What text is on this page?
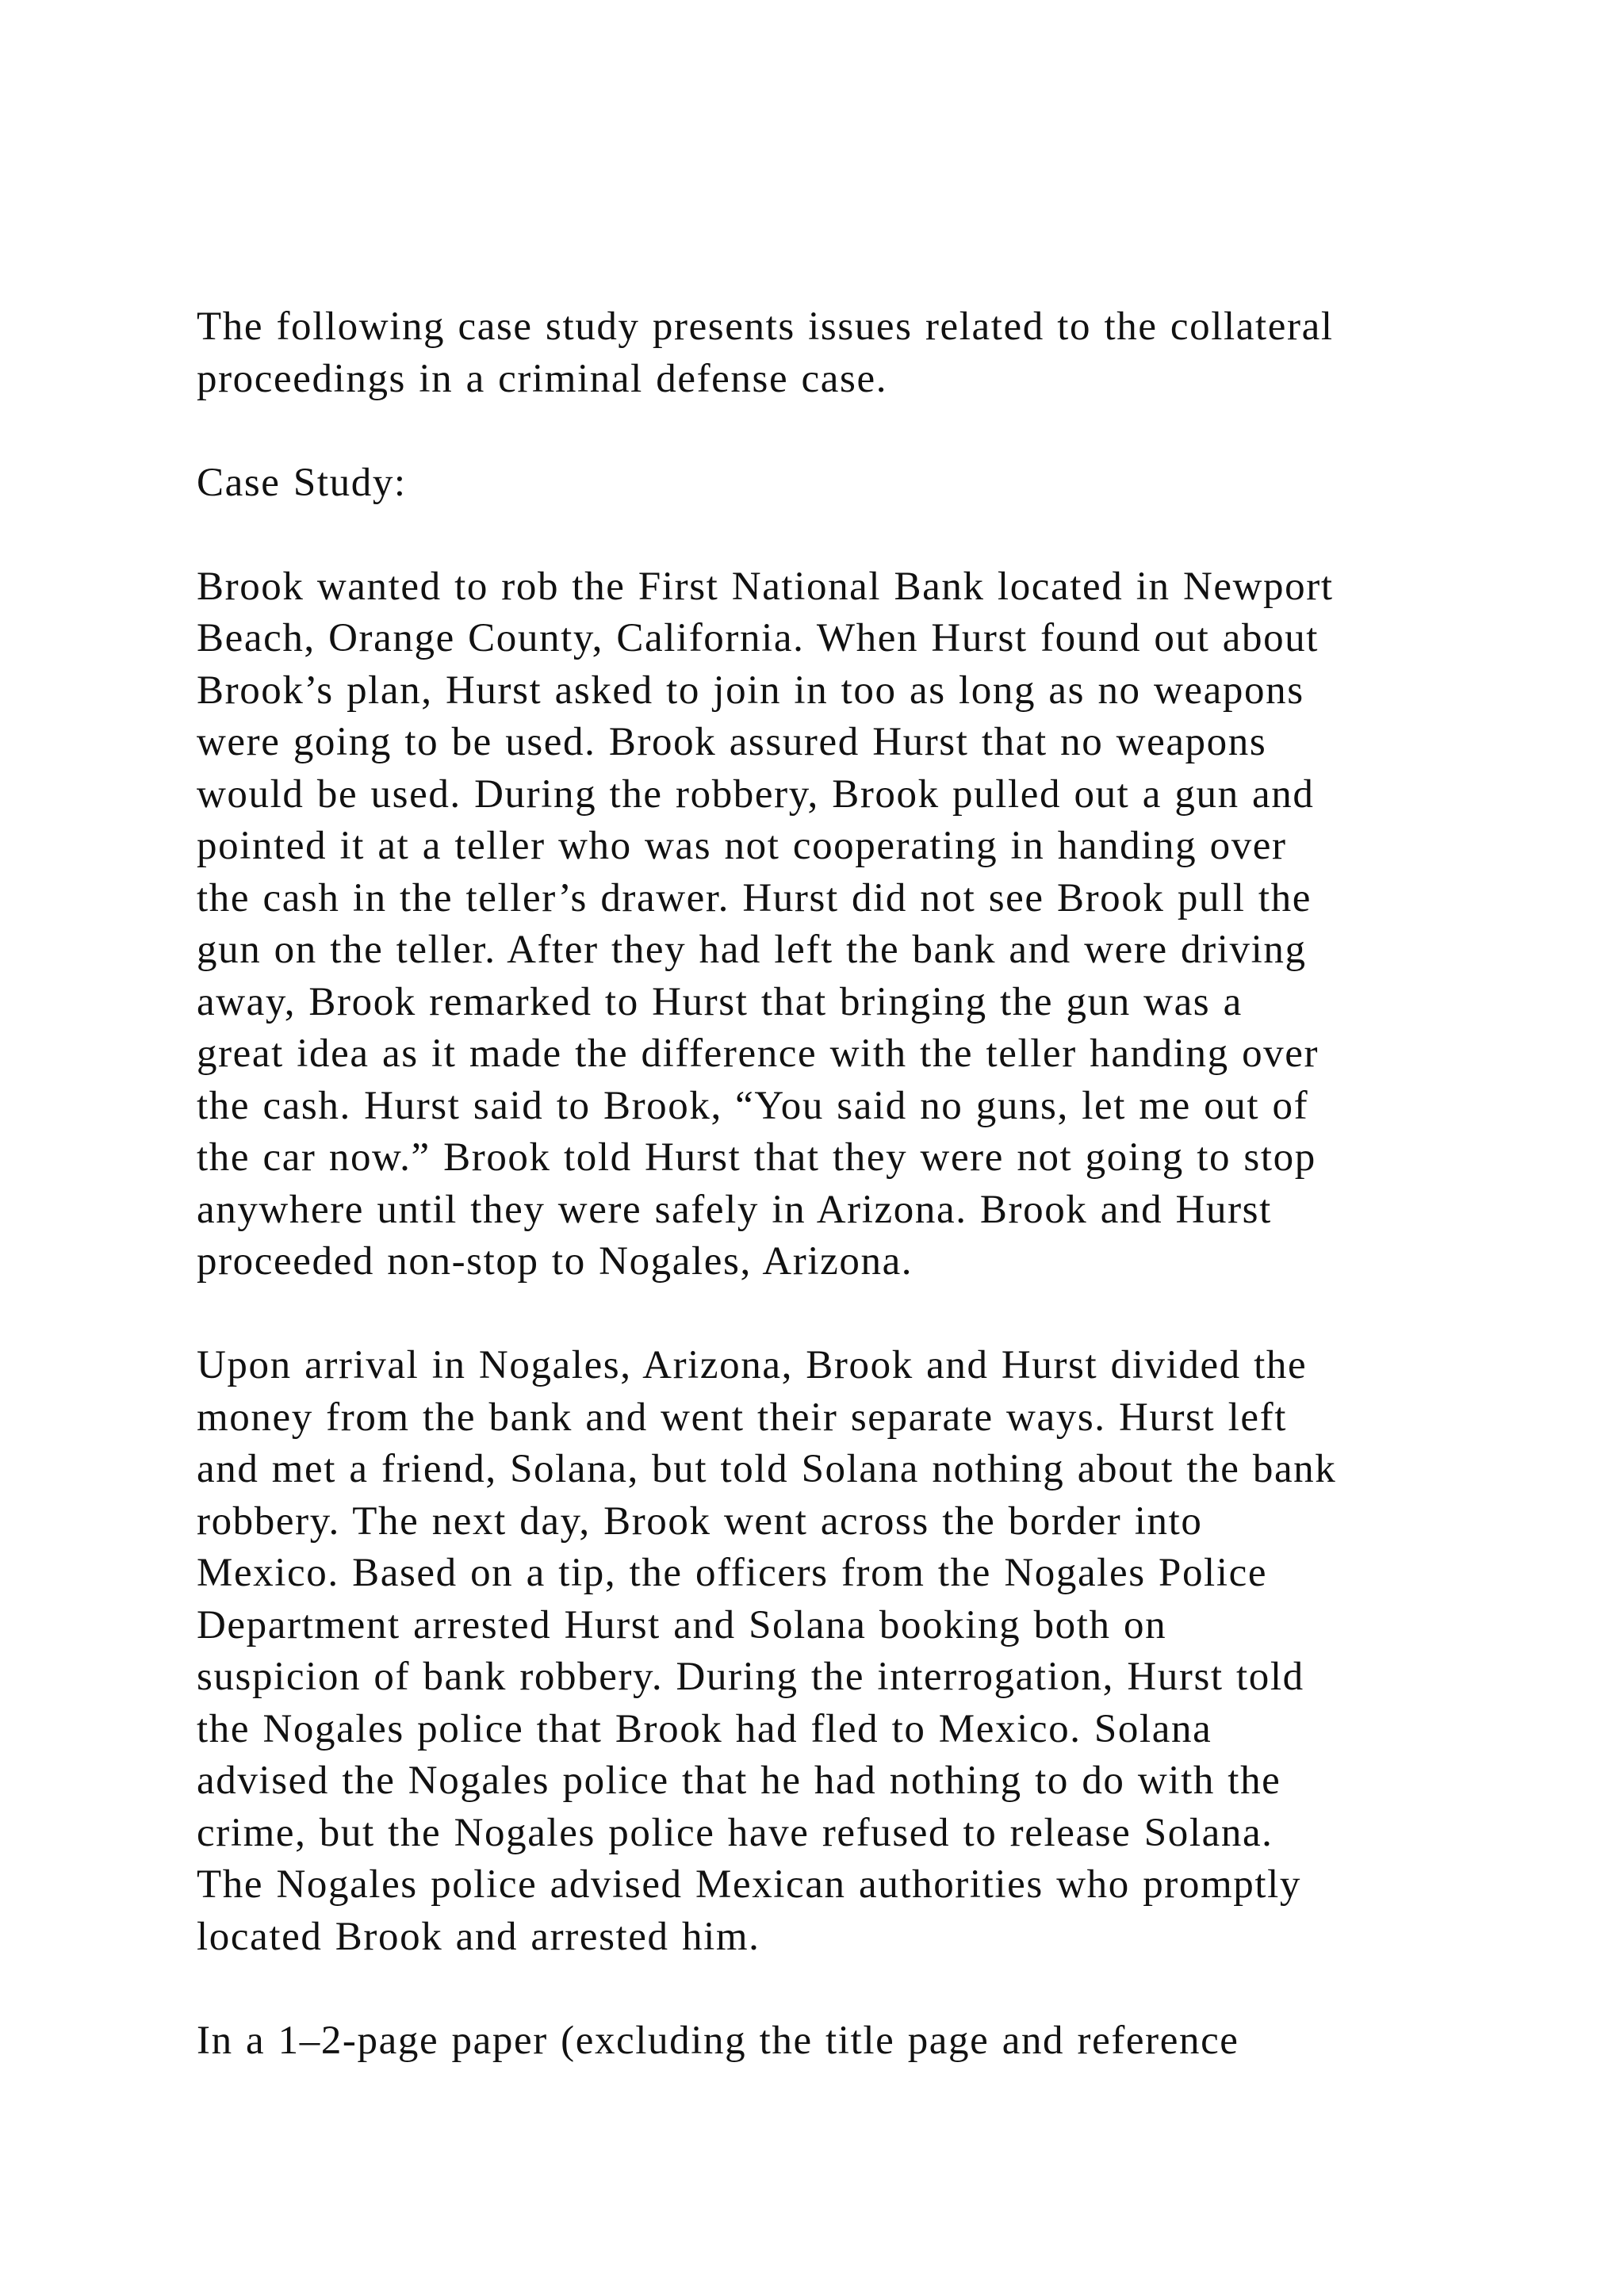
The following case study presents issues related to the collateral
proceedings in a criminal defense case.
Case Study:
Brook wanted to rob the First National Bank located in Newport
Beach, Orange County, California. When Hurst found out about
Brook’s plan, Hurst asked to join in too as long as no weapons
were going to be used. Brook assured Hurst that no weapons
would be used. During the robbery, Brook pulled out a gun and
pointed it at a teller who was not cooperating in handing over
the cash in the teller’s drawer. Hurst did not see Brook pull the
gun on the teller. After they had left the bank and were driving
away, Brook remarked to Hurst that bringing the gun was a
great idea as it made the difference with the teller handing over
the cash. Hurst said to Brook, “You said no guns, let me out of
the car now.” Brook told Hurst that they were not going to stop
anywhere until they were safely in Arizona. Brook and Hurst
proceeded non-stop to Nogales, Arizona.
Upon arrival in Nogales, Arizona, Brook and Hurst divided the
money from the bank and went their separate ways. Hurst left
and met a friend, Solana, but told Solana nothing about the bank
robbery. The next day, Brook went across the border into
Mexico. Based on a tip, the officers from the Nogales Police
Department arrested Hurst and Solana booking both on
suspicion of bank robbery. During the interrogation, Hurst told
the Nogales police that Brook had fled to Mexico. Solana
advised the Nogales police that he had nothing to do with the
crime, but the Nogales police have refused to release Solana.
The Nogales police advised Mexican authorities who promptly
located Brook and arrested him.
In a 1–2-page paper (excluding the title page and reference
